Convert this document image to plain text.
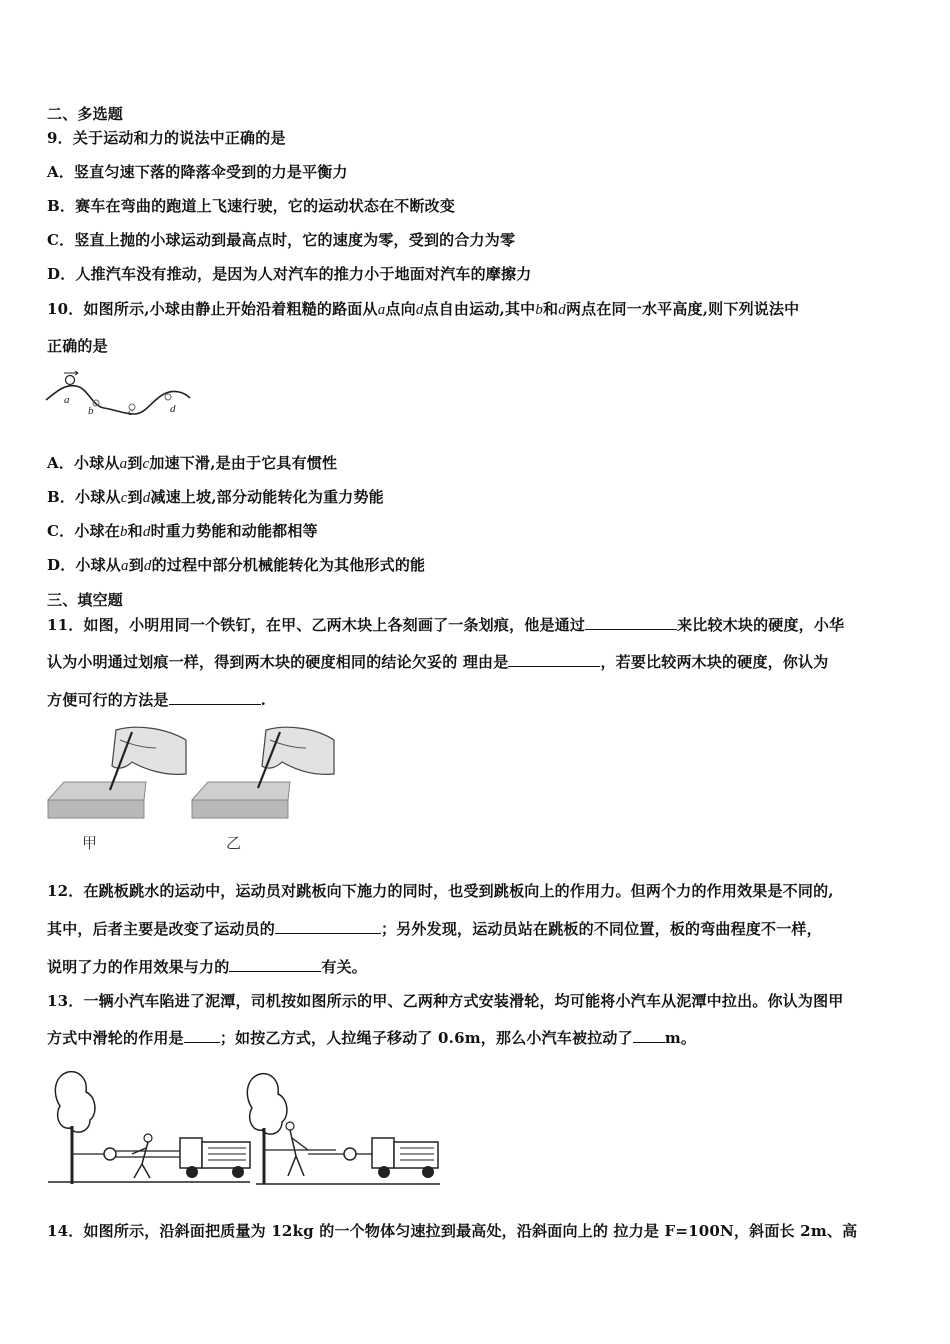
二、多选题
9．关于运动和力的说法中正确的是
A．竖直匀速下落的降落伞受到的力是平衡力
B．赛车在弯曲的跑道上飞速行驶，它的运动状态在不断改变
C．竖直上抛的小球运动到最高点时，它的速度为零，受到的合力为零
D．人推汽车没有推动，是因为人对汽车的推力小于地面对汽车的摩擦力
10．如图所示,小球由静止开始沿着粗糙的路面从a点向d点自由运动,其中b和d两点在同一水平高度,则下列说法中
正确的是
a
b	c	d
A．小球从a到c加速下滑,是由于它具有惯性
B．小球从c到d减速上坡,部分动能转化为重力势能
C．小球在b和d时重力势能和动能都相等
D．小球从a到d的过程中部分机械能转化为其他形式的能
三、填空题
11．如图，小明用同一个铁钉，在甲、乙两木块上各刻画了一条划痕，他是通过	来比较木块的硬度，小华
认为小明通过划痕一样，得到两木块的硬度相同的结论欠妥的 理由是	，若要比较两木块的硬度，你认为
方便可行的方法是	.
甲	乙
12．在跳板跳水的运动中，运动员对跳板向下施力的同时，也受到跳板向上的作用力。但两个力的作用效果是不同的,
其中，后者主要是改变了运动员的	；另外发现，运动员站在跳板的不同位置，板的弯曲程度不一样，
说明了力的作用效果与力的	有关。
13．一辆小汽车陷进了泥潭，司机按如图所示的甲、乙两种方式安装滑轮，均可能将小汽车从泥潭中拉出。你认为图甲
方式中滑轮的作用是 ；如按乙方式，人拉绳子移动了 0.6m，那么小汽车被拉动了 m。
14．如图所示，沿斜面把质量为 12kg 的一个物体匀速拉到最高处，沿斜面向上的 拉力是 F=100N，斜面长 2m、高
